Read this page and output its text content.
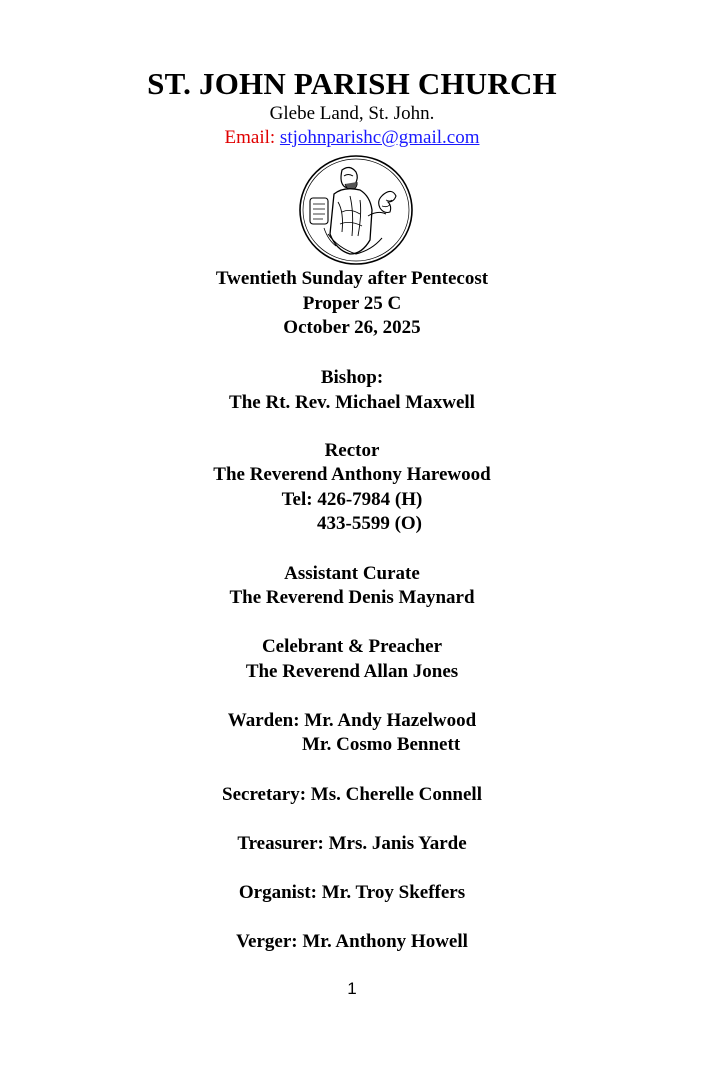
ST. JOHN PARISH CHURCH
Glebe Land, St. John.
Email: stjohnparishc@gmail.com
Twentieth Sunday after Pentecost
Proper 25 C
October 26, 2025
Bishop:
The Rt. Rev. Michael Maxwell
Rector
The Reverend Anthony Harewood
Tel: 426-7984 (H)
433-5599 (O)
Assistant Curate
The Reverend Denis Maynard
Celebrant & Preacher
The Reverend Allan Jones
Warden: Mr. Andy Hazelwood
Mr. Cosmo Bennett
Secretary: Ms. Cherelle Connell
Treasurer: Mrs. Janis Yarde
Organist: Mr. Troy Skeffers
Verger: Mr. Anthony Howell
1
